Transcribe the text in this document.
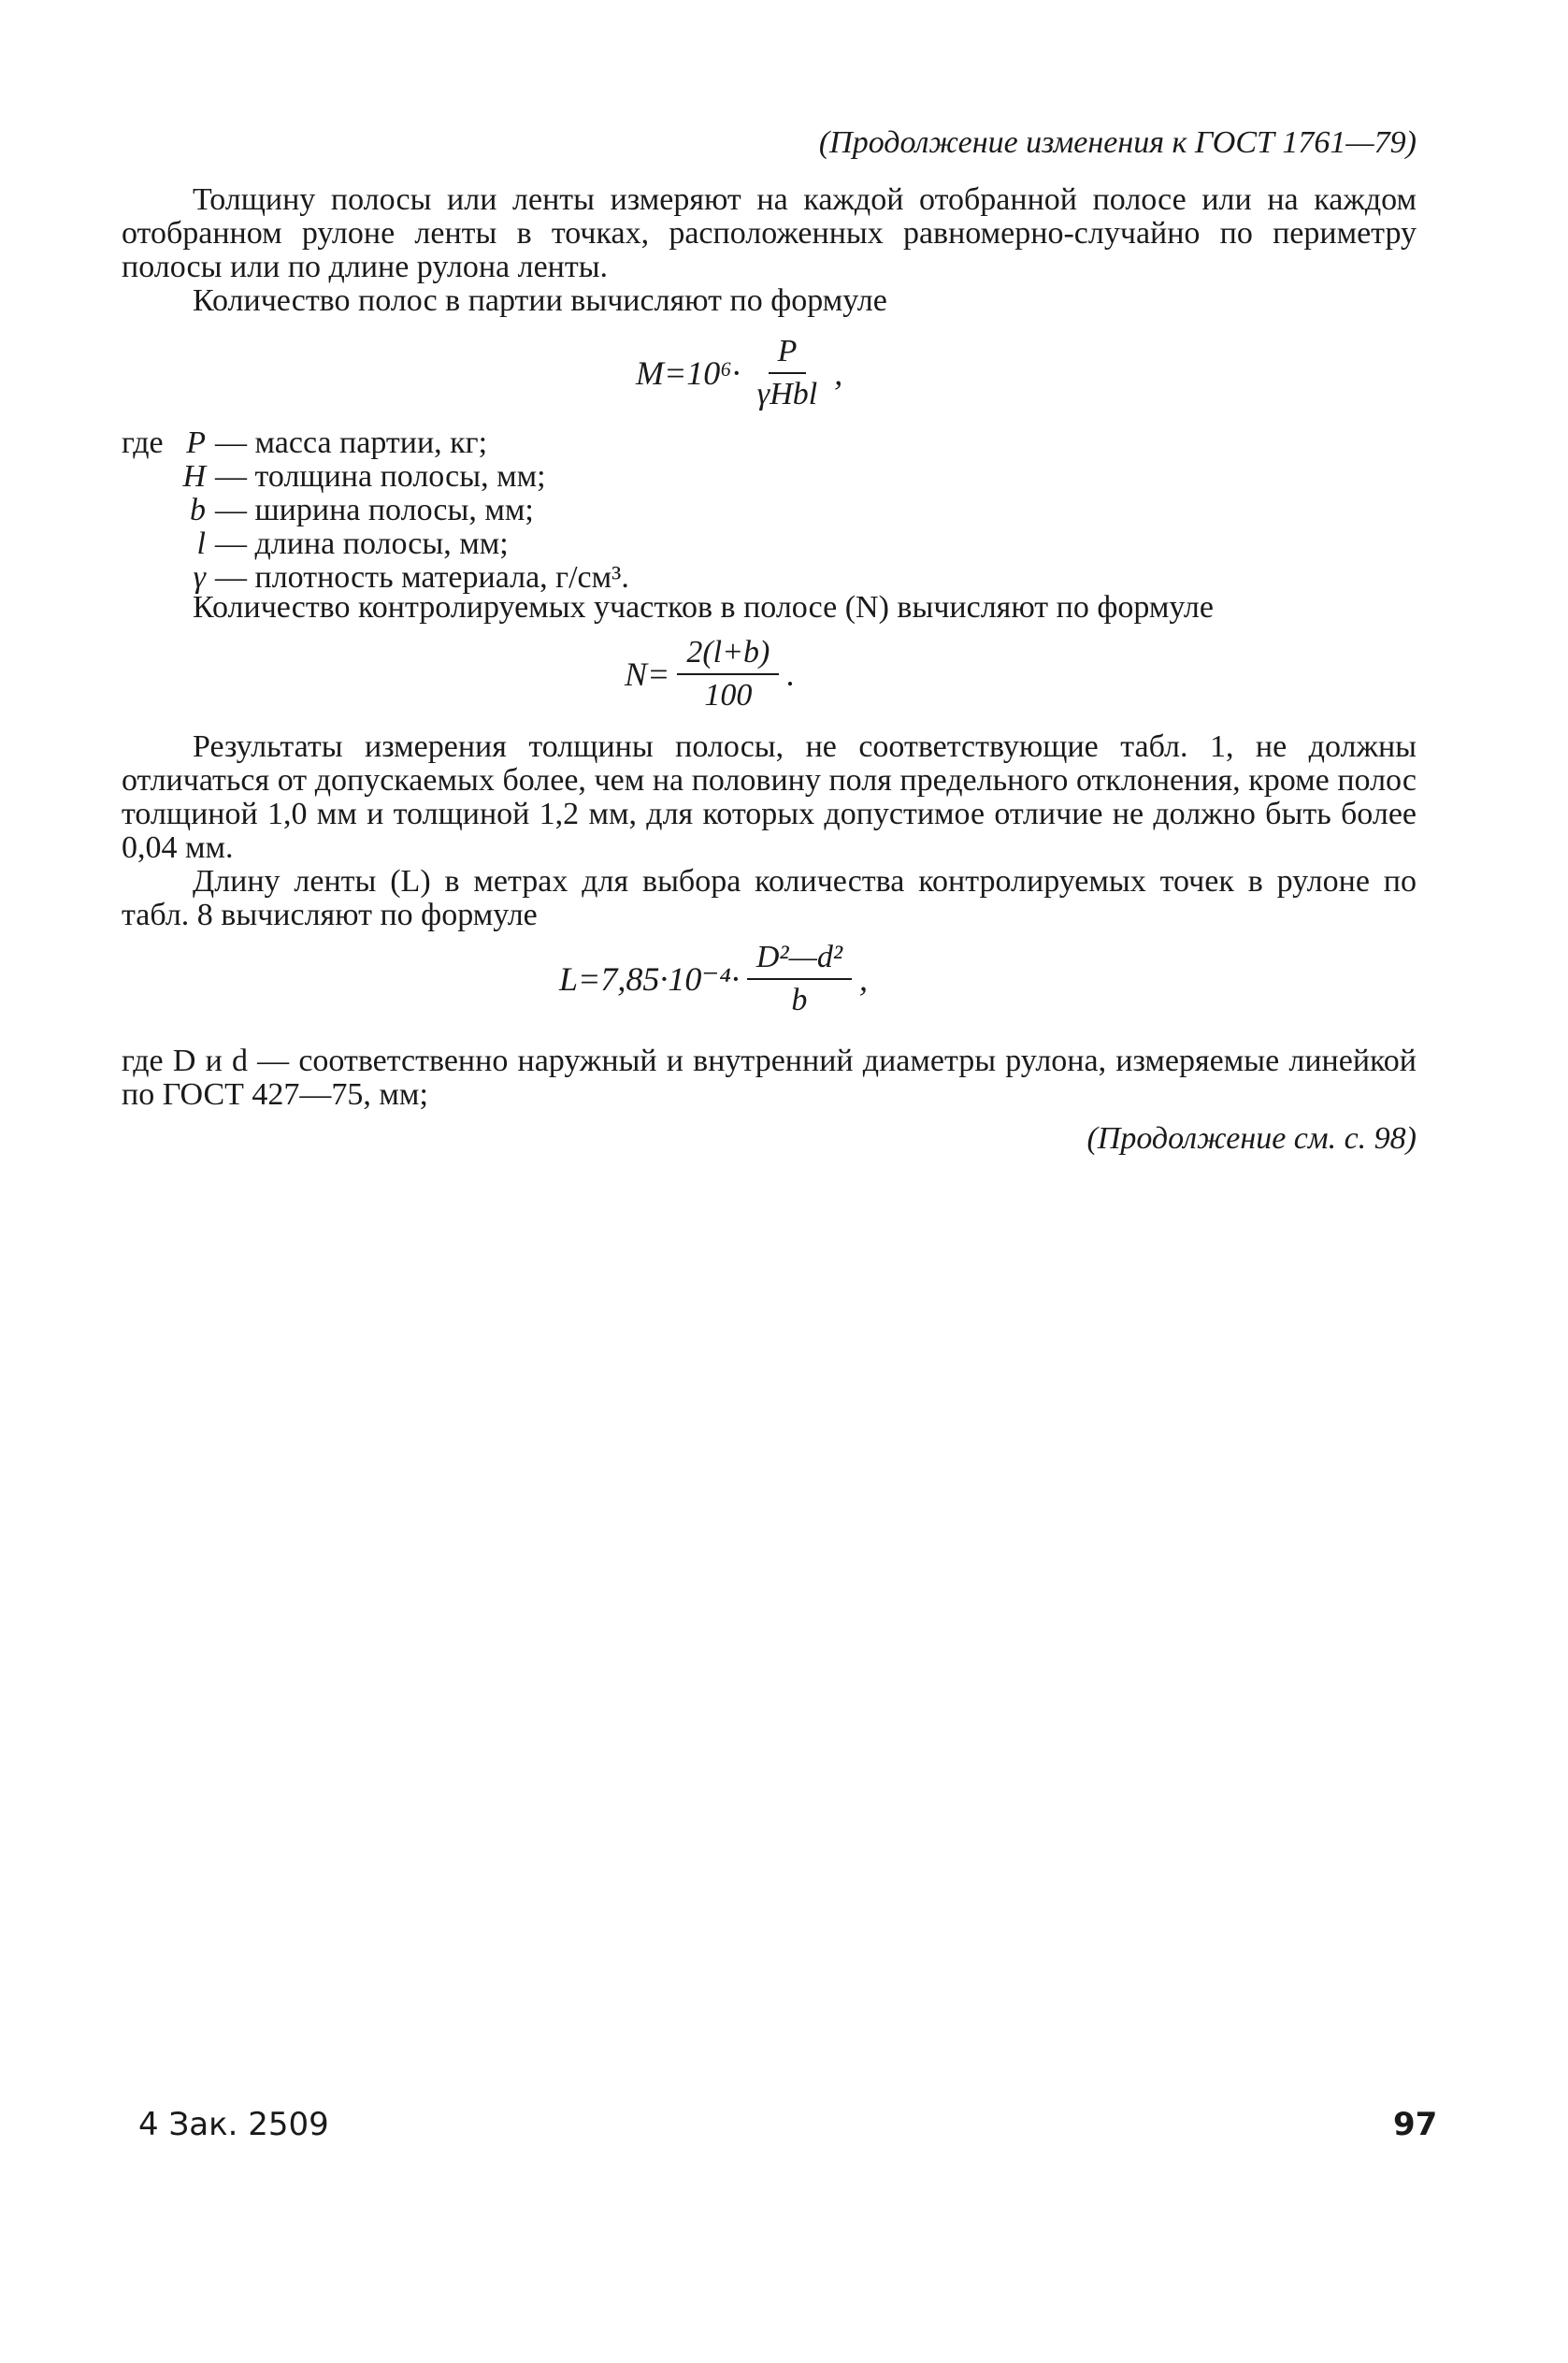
(Продолжение изменения к ГОСТ 1761—79)

Толщину полосы или ленты измеряют на каждой отобранной полосе или на каждом отобранном рулоне ленты в точках, расположенных равномерно-случайно по периметру полосы или по длине рулона ленты.

Количество полос в партии вычисляют по формуле

$M=10^6\cdot \frac{P}{\text{γHbl}}$ ,
где P — масса партии, кг;
H — толщина полосы, мм;
b — ширина полосы, мм;
l — длина полосы, мм;
γ — плотность материала, г/см³.

Количество контролируемых участков в полосе (N) вычисляют по формуле

$N= \frac{2(l+b)}{100}$ .

Результаты измерения толщины полосы, не соответствующие табл. 1, не должны отличаться от допускаемых более, чем на половину поля предельного отклонения, кроме полос толщиной 1,0 мм и толщиной 1,2 мм, для которых допустимое отличие не должно быть более 0,04 мм.

Длину ленты (L) в метрах для выбора количества контролируемых точек в рулоне по табл. 8 вычисляют по формуле

$L=7,85\cdot 10^{-4}\cdot \frac{\text{D²—d²}}{b}$ ,

где D и d — соответственно наружный и внутренний диаметры рулона, измеряемые линейкой по ГОСТ 427—75, мм;

(Продолжение см. с. 98)
4 Зак. 2509	97
